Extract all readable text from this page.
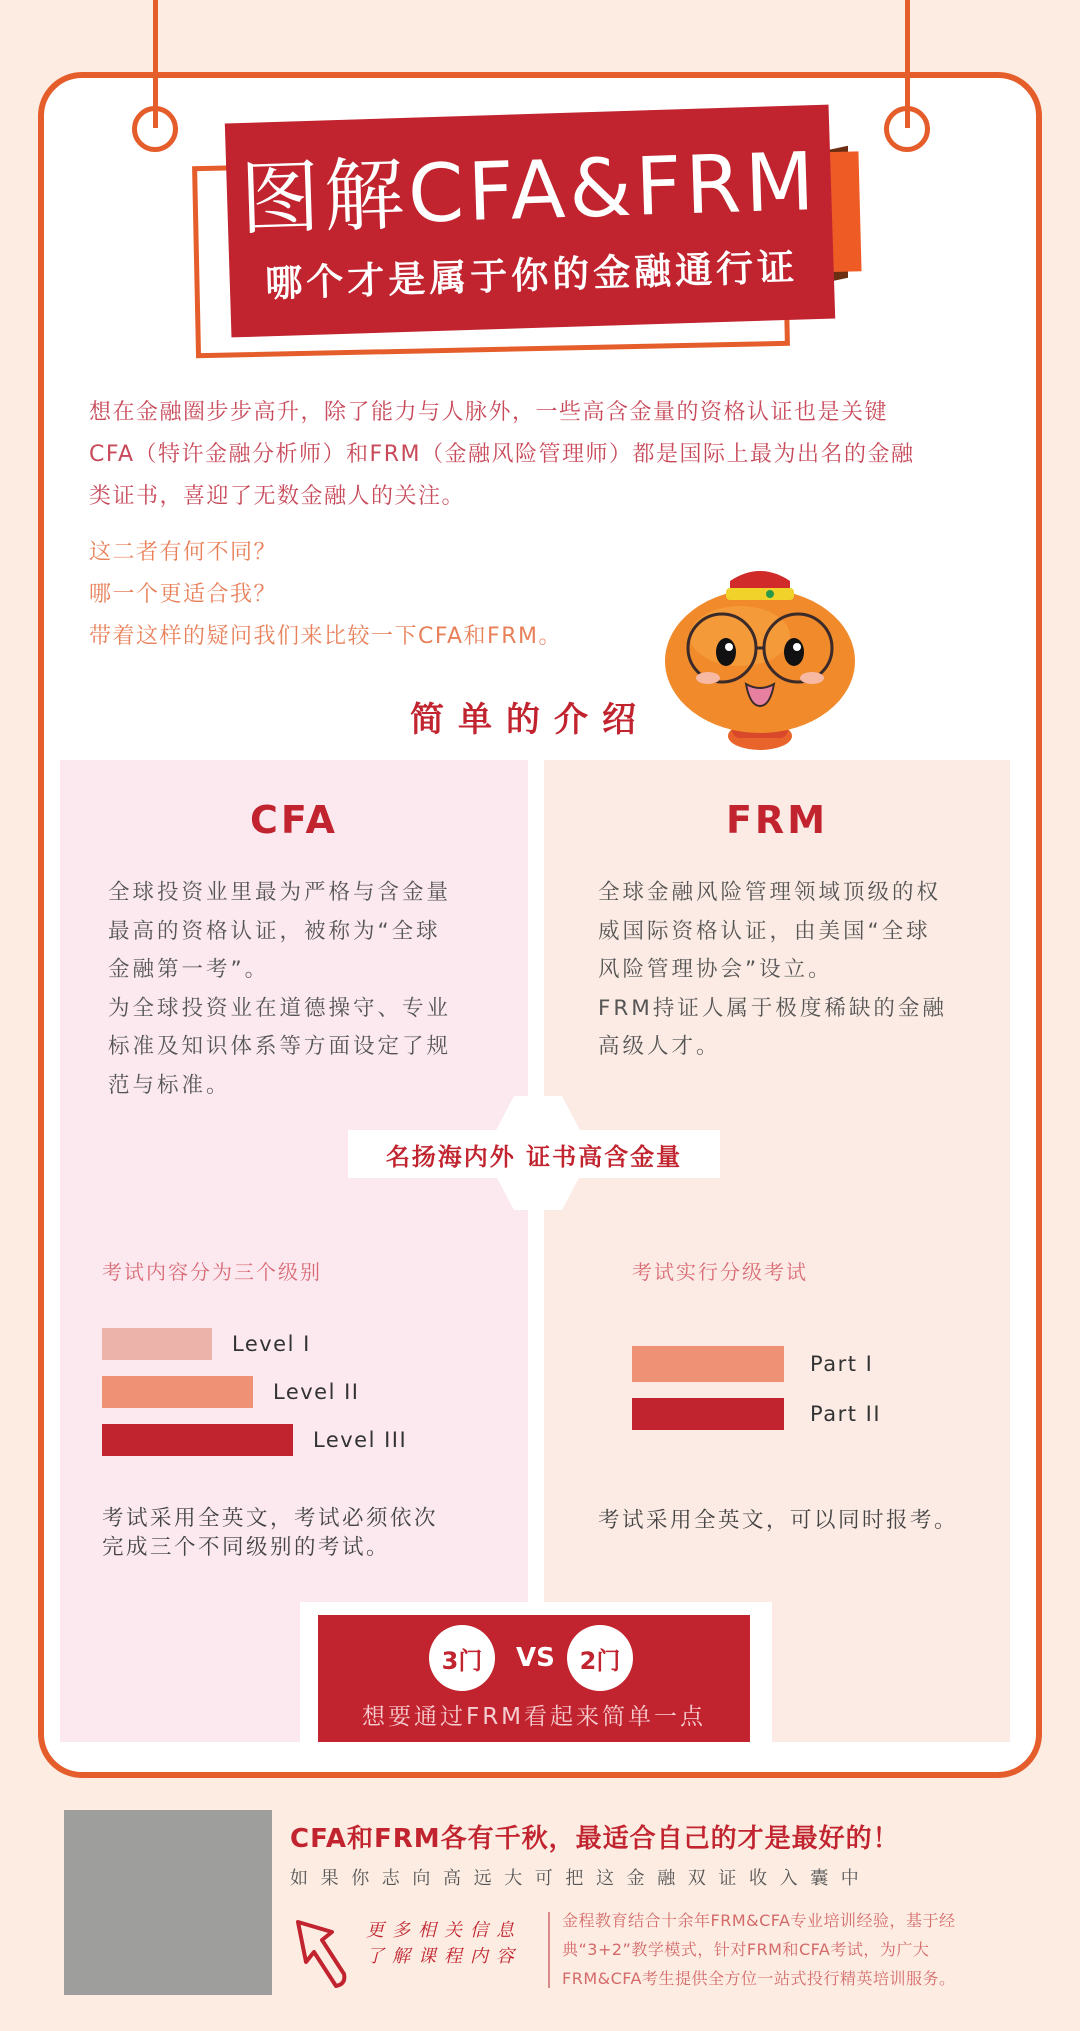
图解CFA&FRM
哪个才是属于你的金融通行证
想在金融圈步步高升，除了能力与人脉外，一些高含金量的资格认证也是关键
CFA（特许金融分析师）和FRM（金融风险管理师）都是国际上最为出名的金融
类证书，喜迎了无数金融人的关注。
这二者有何不同？
哪一个更适合我？
带着这样的疑问我们来比较一下CFA和FRM。
CFA
全球投资业里最为严格与含金量
最高的资格认证，被称为“全球
金融第一考”。
为全球投资业在道德操守、专业
标准及知识体系等方面设定了规
范与标准。
考试内容分为三个级别
Level I
Level II
Level III
考试采用全英文，考试必须依次
完成三个不同级别的考试。
FRM
全球金融风险管理领域顶级的权
威国际资格认证，由美国“全球
风险管理协会”设立。
FRM持证人属于极度稀缺的金融
高级人才。
考试实行分级考试
Part I
Part II
考试采用全英文，可以同时报考。
名扬海内外 证书高含金量
简单的介绍
3门	VS	2门
想要通过FRM看起来简单一点
CFA和FRM各有千秋，最适合自己的才是最好的！
如果你志向高远大可把这金融双证收入囊中
更多相关信息
了解课程内容
金程教育结合十余年FRM&CFA专业培训经验，基于经典“3+2”教学模式，针对FRM和CFA考试，为广大FRM&CFA考生提供全方位一站式投行精英培训服务。
